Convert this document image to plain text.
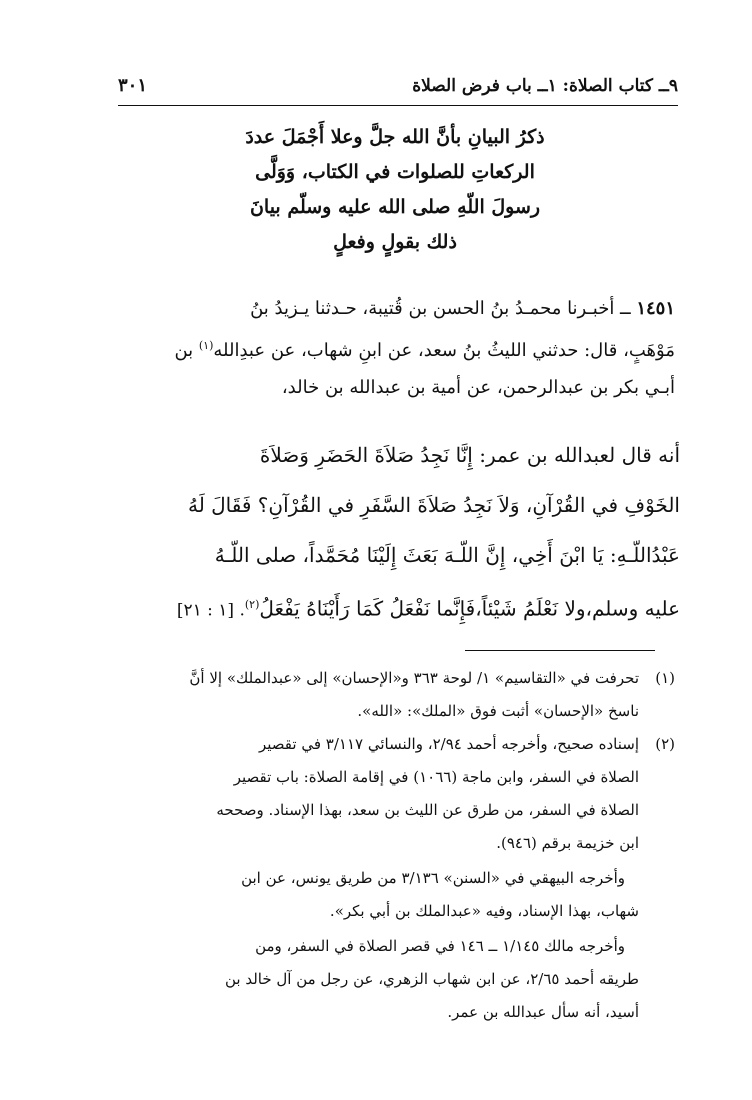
٩ــ كتاب الصلاة: ١ــ باب فرض الصلاة
٣٠١
ذكرُ البيانِ بأنَّ الله جلَّ وعلا أَجْمَلَ عددَ
الركعاتِ للصلوات في الكتاب، وَوَلَّى
رسولَ اللّهِ صلى الله عليه وسلّم بيانَ
ذلك بقولٍ وفعلٍ
١٤٥١ ــ أخبـرنا محمـدُ بنُ الحسن بن قُتيبة، حـدثنا يـزيدُ بنُ
مَوْهَبٍ، قال: حدثني الليثُ بنُ سعد، عن ابنِ شهاب، عن عبدِالله$^{(١)}$ بن
أبـي بكر بن عبدالرحمن، عن أمية بن عبدالله بن خالد،
أنه قال لعبدالله بن عمر: إِنَّا نَجِدُ صَلاَةَ الحَضَرِ وَصَلاَةَ
الخَوْفِ في القُرْآنِ، وَلاَ نَجِدُ صَلاَةَ السَّفَرِ في القُرْآنِ؟ فَقَالَ لَهُ
عَبْدُاللّـهِ: يَا ابْنَ أَخِي، إِنَّ اللّـهَ بَعَثَ إِلَيْنَا مُحَمَّداً، صلى اللّـهُ
عليه وسلم،ولا نَعْلَمُ شَيْئاً،فَإِنَّما نَفْعَلُ كَمَا رَأَيْنَاهُ يَفْعَلُ$^{(٢)}$. [١ : ٢١]
(١)
تحرفت في «التقاسيم» ١/ لوحة ٣٦٣ و«الإحسان» إلى «عبدالملك» إلا أنَّ
ناسخ «الإحسان» أثبت فوق «الملك»: «الله».
(٢)
إسناده صحيح، وأخرجه أحمد ٢/٩٤، والنسائي ٣/١١٧ في تقصير
الصلاة في السفر، وابن ماجة (١٠٦٦) في إقامة الصلاة: باب تقصير
الصلاة في السفر، من طرق عن الليث بن سعد، بهذا الإسناد. وصححه
ابن خزيمة برقم (٩٤٦).
وأخرجه البيهقي في «السنن» ٣/١٣٦ من طريق يونس، عن ابن
شهاب، بهذا الإسناد، وفيه «عبدالملك بن أبي بكر».
وأخرجه مالك ١/١٤٥ ــ ١٤٦ في قصر الصلاة في السفر، ومن
طريقه أحمد ٢/٦٥، عن ابن شهاب الزهري، عن رجل من آل خالد بن
أسيد، أنه سأل عبدالله بن عمر.
